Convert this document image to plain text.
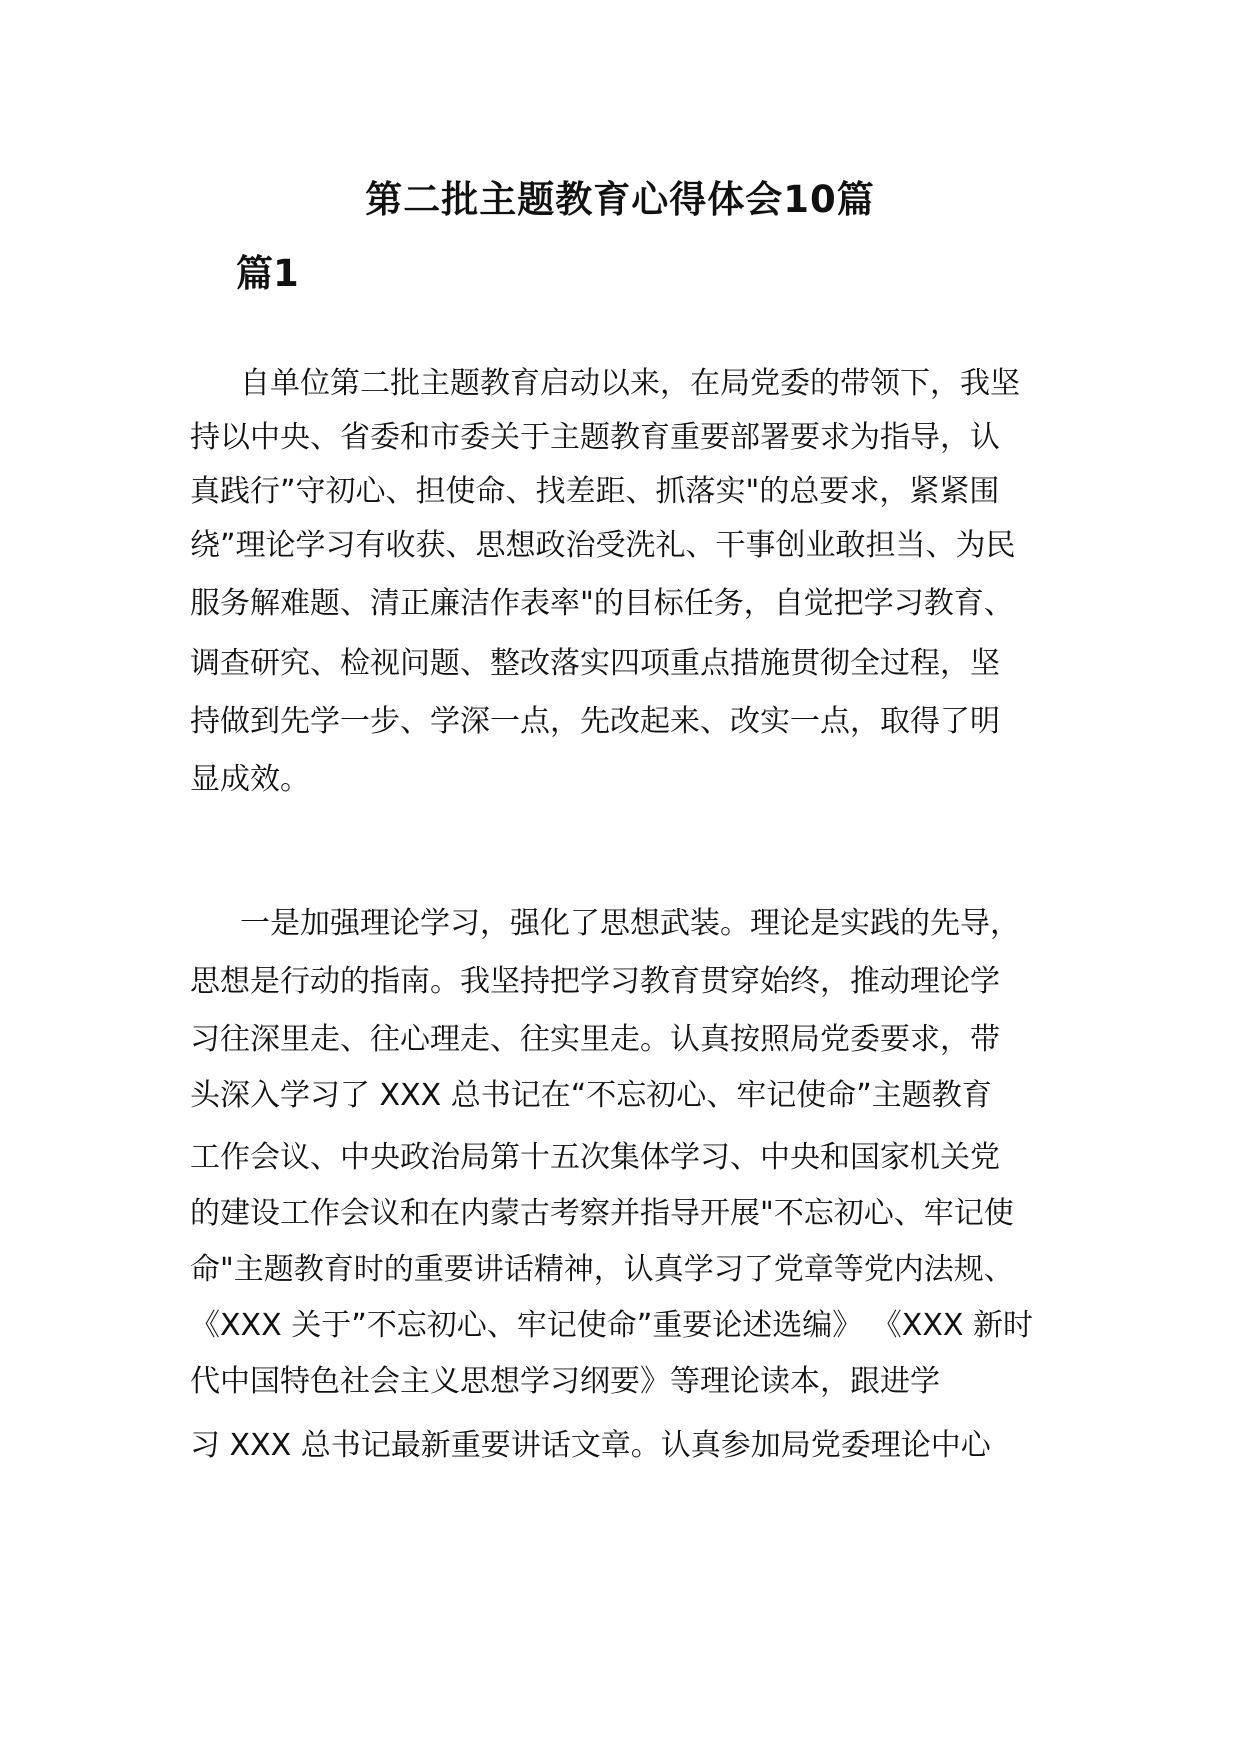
第二批主题教育心得体会10篇
篇1

自单位第二批主题教育启动以来，在局党委的带领下，我坚

持以中央、省委和市委关于主题教育重要部署要求为指导，认

真践行”守初心、担使命、找差距、抓落实"的总要求，紧紧围

绕”理论学习有收获、思想政治受洗礼、干事创业敢担当、为民

服务解难题、清正廉洁作表率"的目标任务，自觉把学习教育、

调查研究、检视问题、整改落实四项重点措施贯彻全过程，坚

持做到先学一步、学深一点，先改起来、改实一点，取得了明

显成效。

一是加强理论学习，强化了思想武装。理论是实践的先导，

思想是行动的指南。我坚持把学习教育贯穿始终，推动理论学

习往深里走、往心理走、往实里走。认真按照局党委要求，带

头深入学习了 XXX 总书记在“不忘初心、牢记使命”主题教育

工作会议、中央政治局第十五次集体学习、中央和国家机关党

的建设工作会议和在内蒙古考察并指导开展"不忘初心、牢记使

命"主题教育时的重要讲话精神，认真学习了党章等党内法规、

《XXX 关于”不忘初心、牢记使命”重要论述选编》 《XXX 新时

代中国特色社会主义思想学习纲要》等理论读本，跟进学

习 XXX 总书记最新重要讲话文章。认真参加局党委理论中心
